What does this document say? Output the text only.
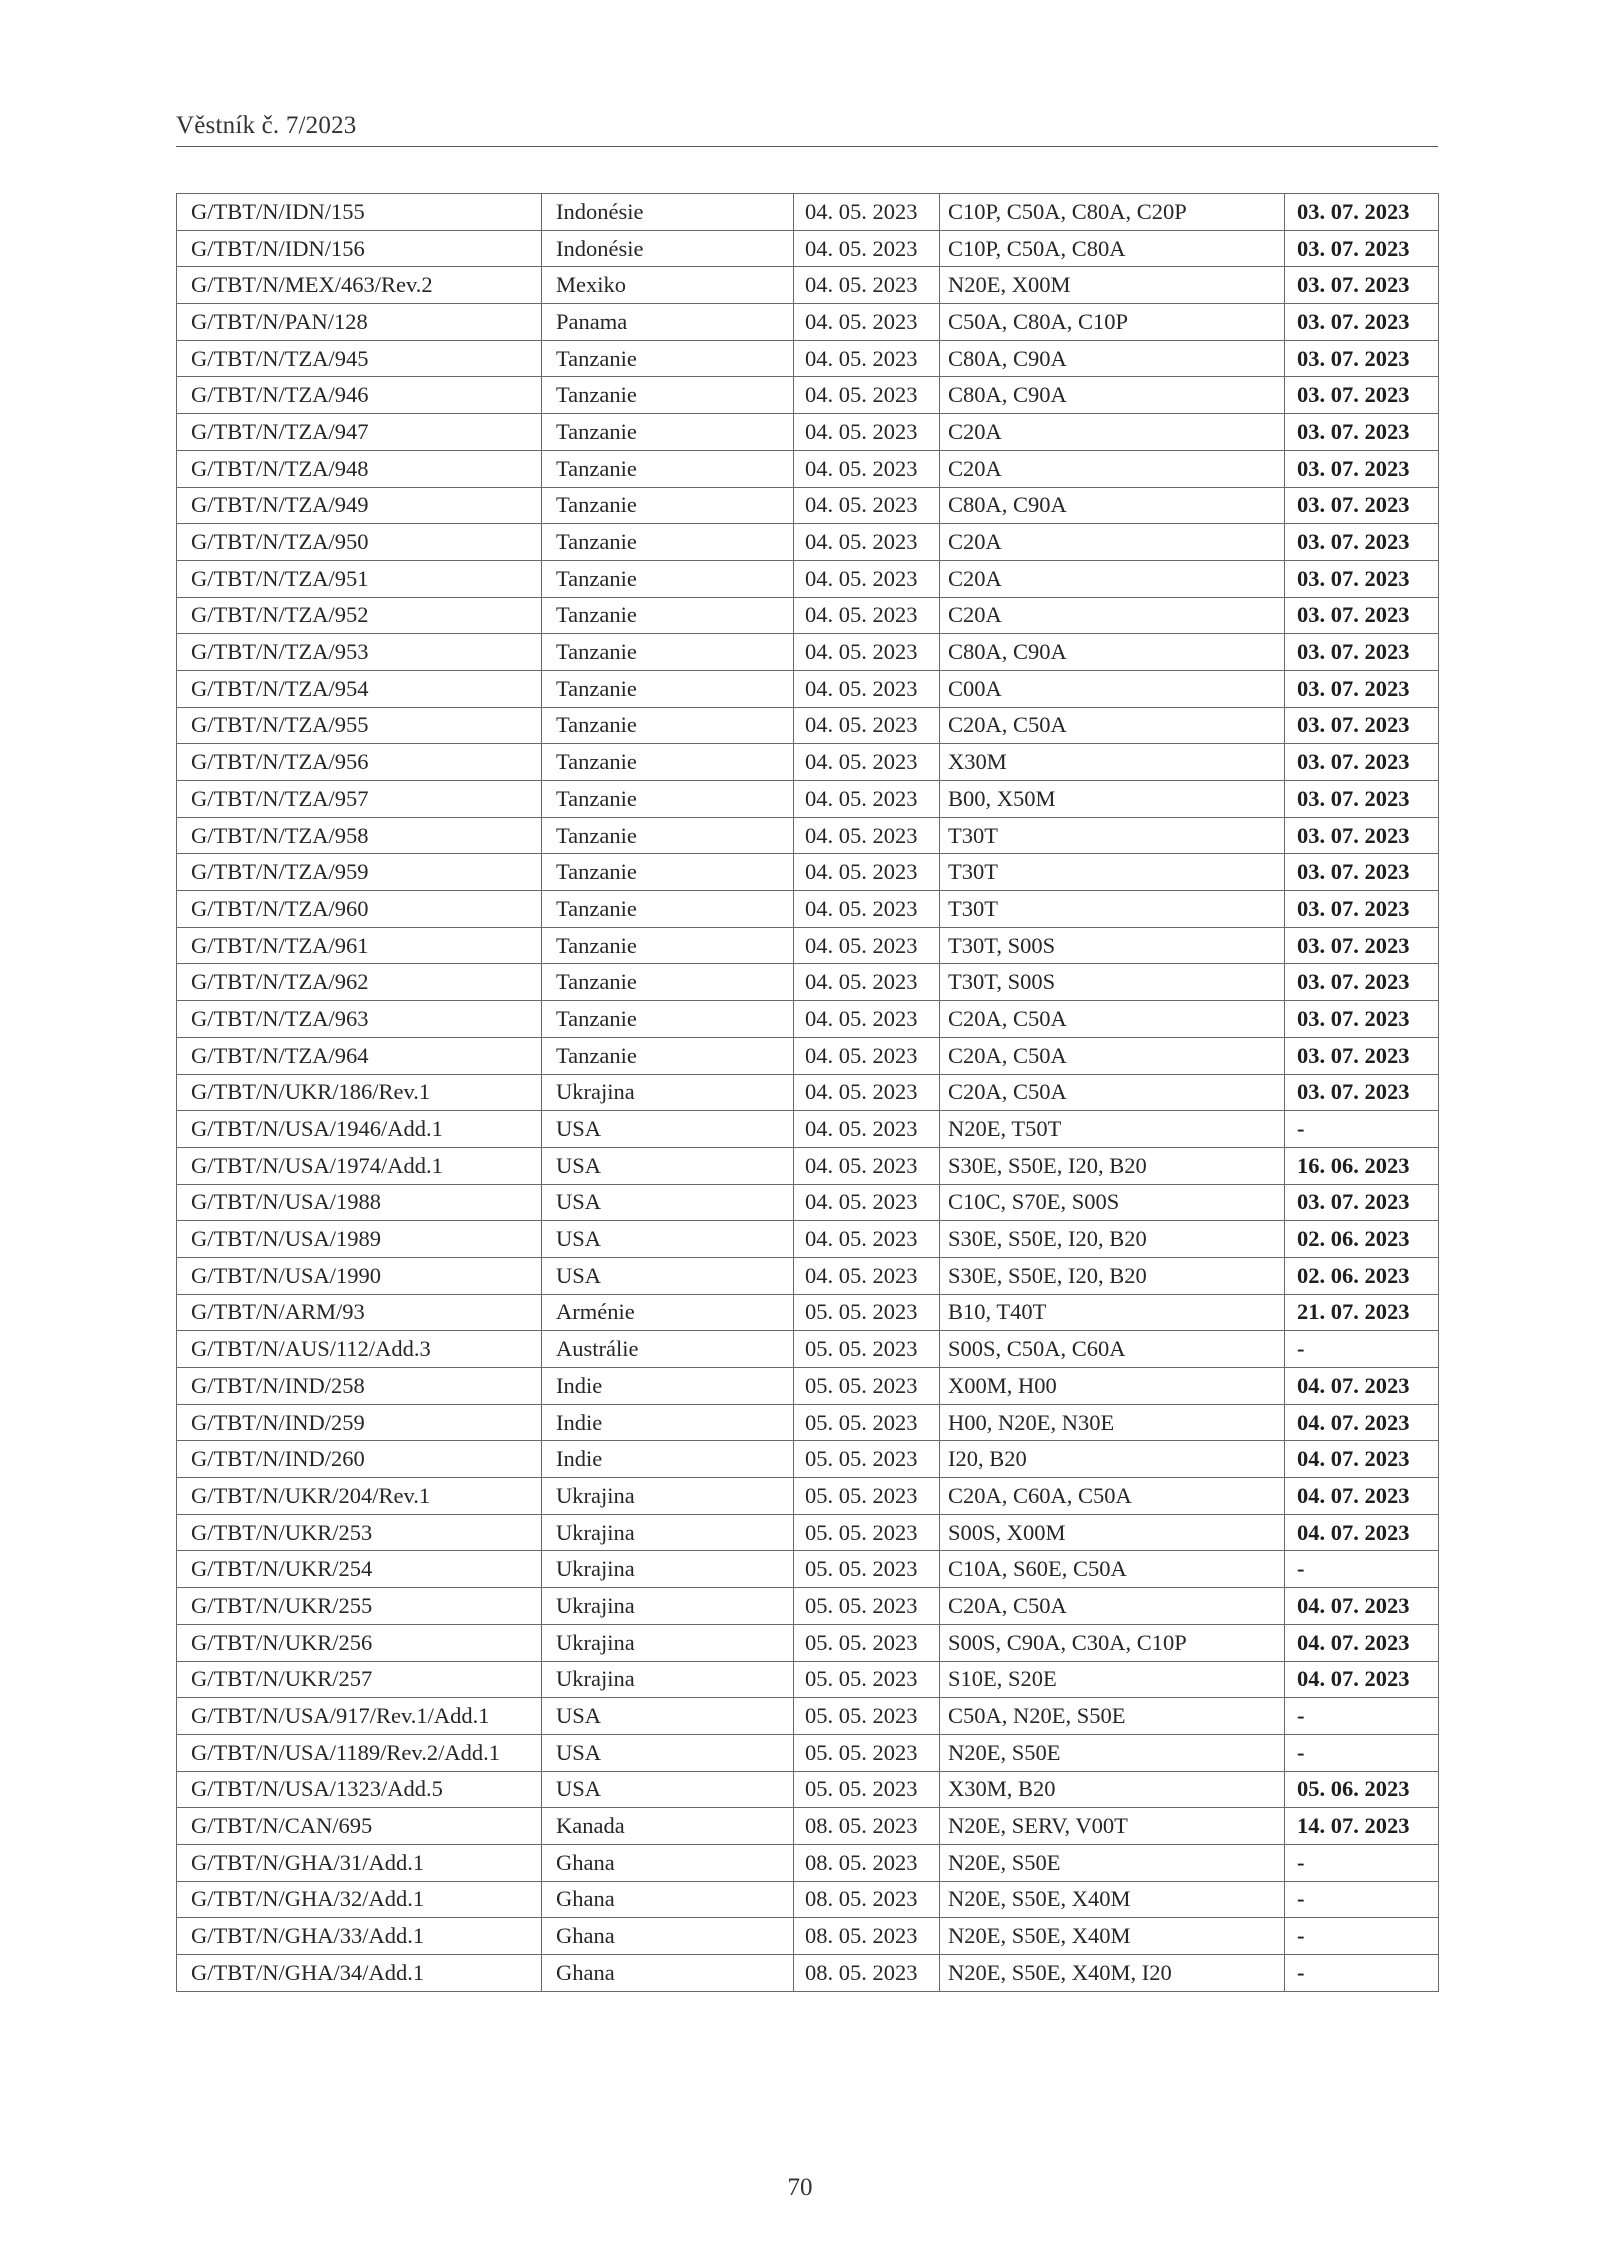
Věstník č. 7/2023
G/TBT/N/IDN/155	Indonésie	04. 05. 2023	C10P, C50A, C80A, C20P	03. 07. 2023
G/TBT/N/IDN/156	Indonésie	04. 05. 2023	C10P, C50A, C80A	03. 07. 2023
G/TBT/N/MEX/463/Rev.2	Mexiko	04. 05. 2023	N20E, X00M	03. 07. 2023
G/TBT/N/PAN/128	Panama	04. 05. 2023	C50A, C80A, C10P	03. 07. 2023
G/TBT/N/TZA/945	Tanzanie	04. 05. 2023	C80A, C90A	03. 07. 2023
G/TBT/N/TZA/946	Tanzanie	04. 05. 2023	C80A, C90A	03. 07. 2023
G/TBT/N/TZA/947	Tanzanie	04. 05. 2023	C20A	03. 07. 2023
G/TBT/N/TZA/948	Tanzanie	04. 05. 2023	C20A	03. 07. 2023
G/TBT/N/TZA/949	Tanzanie	04. 05. 2023	C80A, C90A	03. 07. 2023
G/TBT/N/TZA/950	Tanzanie	04. 05. 2023	C20A	03. 07. 2023
G/TBT/N/TZA/951	Tanzanie	04. 05. 2023	C20A	03. 07. 2023
G/TBT/N/TZA/952	Tanzanie	04. 05. 2023	C20A	03. 07. 2023
G/TBT/N/TZA/953	Tanzanie	04. 05. 2023	C80A, C90A	03. 07. 2023
G/TBT/N/TZA/954	Tanzanie	04. 05. 2023	C00A	03. 07. 2023
G/TBT/N/TZA/955	Tanzanie	04. 05. 2023	C20A, C50A	03. 07. 2023
G/TBT/N/TZA/956	Tanzanie	04. 05. 2023	X30M	03. 07. 2023
G/TBT/N/TZA/957	Tanzanie	04. 05. 2023	B00, X50M	03. 07. 2023
G/TBT/N/TZA/958	Tanzanie	04. 05. 2023	T30T	03. 07. 2023
G/TBT/N/TZA/959	Tanzanie	04. 05. 2023	T30T	03. 07. 2023
G/TBT/N/TZA/960	Tanzanie	04. 05. 2023	T30T	03. 07. 2023
G/TBT/N/TZA/961	Tanzanie	04. 05. 2023	T30T, S00S	03. 07. 2023
G/TBT/N/TZA/962	Tanzanie	04. 05. 2023	T30T, S00S	03. 07. 2023
G/TBT/N/TZA/963	Tanzanie	04. 05. 2023	C20A, C50A	03. 07. 2023
G/TBT/N/TZA/964	Tanzanie	04. 05. 2023	C20A, C50A	03. 07. 2023
G/TBT/N/UKR/186/Rev.1	Ukrajina	04. 05. 2023	C20A, C50A	03. 07. 2023
G/TBT/N/USA/1946/Add.1	USA	04. 05. 2023	N20E, T50T	-
G/TBT/N/USA/1974/Add.1	USA	04. 05. 2023	S30E, S50E, I20, B20	16. 06. 2023
G/TBT/N/USA/1988	USA	04. 05. 2023	C10C, S70E, S00S	03. 07. 2023
G/TBT/N/USA/1989	USA	04. 05. 2023	S30E, S50E, I20, B20	02. 06. 2023
G/TBT/N/USA/1990	USA	04. 05. 2023	S30E, S50E, I20, B20	02. 06. 2023
G/TBT/N/ARM/93	Arménie	05. 05. 2023	B10, T40T	21. 07. 2023
G/TBT/N/AUS/112/Add.3	Austrálie	05. 05. 2023	S00S, C50A, C60A	-
G/TBT/N/IND/258	Indie	05. 05. 2023	X00M, H00	04. 07. 2023
G/TBT/N/IND/259	Indie	05. 05. 2023	H00, N20E, N30E	04. 07. 2023
G/TBT/N/IND/260	Indie	05. 05. 2023	I20, B20	04. 07. 2023
G/TBT/N/UKR/204/Rev.1	Ukrajina	05. 05. 2023	C20A, C60A, C50A	04. 07. 2023
G/TBT/N/UKR/253	Ukrajina	05. 05. 2023	S00S, X00M	04. 07. 2023
G/TBT/N/UKR/254	Ukrajina	05. 05. 2023	C10A, S60E, C50A	-
G/TBT/N/UKR/255	Ukrajina	05. 05. 2023	C20A, C50A	04. 07. 2023
G/TBT/N/UKR/256	Ukrajina	05. 05. 2023	S00S, C90A, C30A, C10P	04. 07. 2023
G/TBT/N/UKR/257	Ukrajina	05. 05. 2023	S10E, S20E	04. 07. 2023
G/TBT/N/USA/917/Rev.1/Add.1	USA	05. 05. 2023	C50A, N20E, S50E	-
G/TBT/N/USA/1189/Rev.2/Add.1	USA	05. 05. 2023	N20E, S50E	-
G/TBT/N/USA/1323/Add.5	USA	05. 05. 2023	X30M, B20	05. 06. 2023
G/TBT/N/CAN/695	Kanada	08. 05. 2023	N20E, SERV, V00T	14. 07. 2023
G/TBT/N/GHA/31/Add.1	Ghana	08. 05. 2023	N20E, S50E	-
G/TBT/N/GHA/32/Add.1	Ghana	08. 05. 2023	N20E, S50E, X40M	-
G/TBT/N/GHA/33/Add.1	Ghana	08. 05. 2023	N20E, S50E, X40M	-
G/TBT/N/GHA/34/Add.1	Ghana	08. 05. 2023	N20E, S50E, X40M, I20	-
70
